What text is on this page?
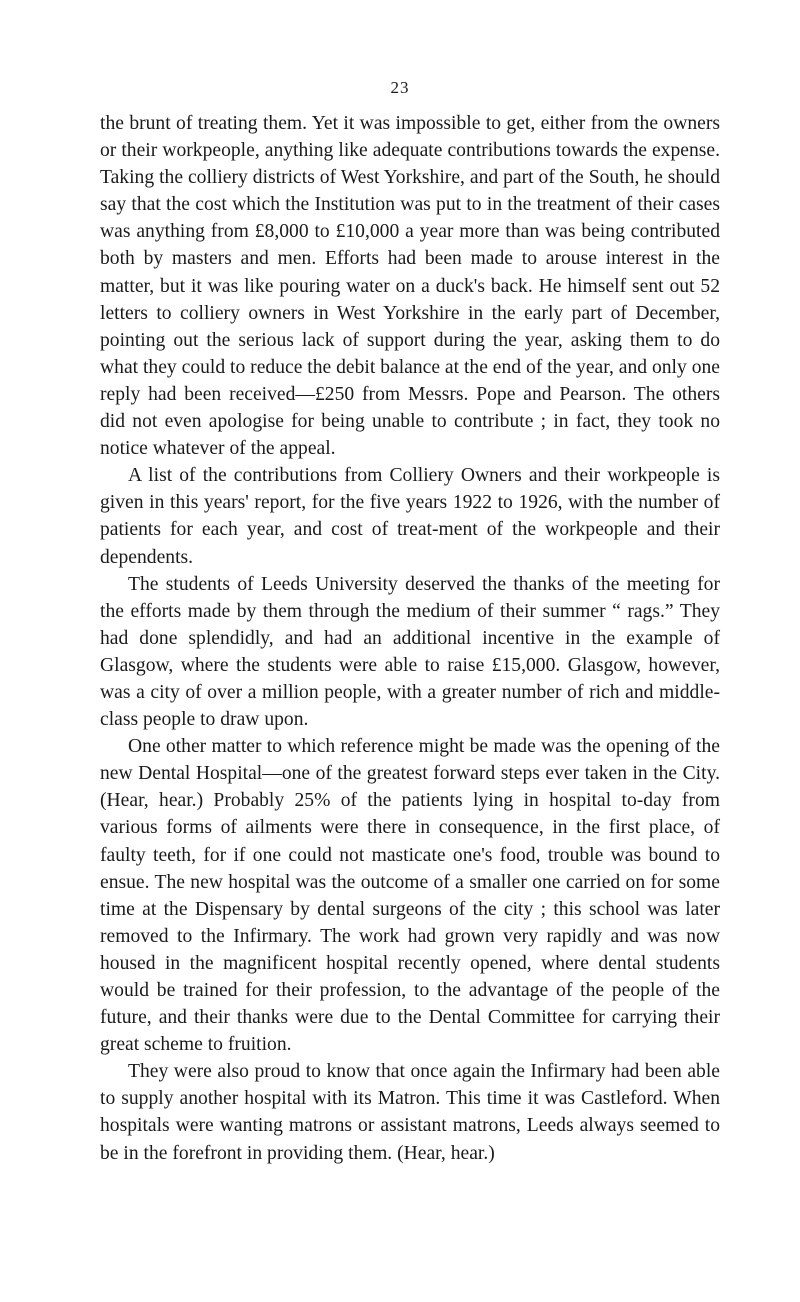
23

the brunt of treating them. Yet it was impossible to get, either from the owners or their workpeople, anything like adequate contributions towards the expense. Taking the colliery districts of West Yorkshire, and part of the South, he should say that the cost which the Institution was put to in the treatment of their cases was anything from £8,000 to £10,000 a year more than was being contributed both by masters and men. Efforts had been made to arouse interest in the matter, but it was like pouring water on a duck's back. He himself sent out 52 letters to colliery owners in West Yorkshire in the early part of December, pointing out the serious lack of support during the year, asking them to do what they could to reduce the debit balance at the end of the year, and only one reply had been received—£250 from Messrs. Pope and Pearson. The others did not even apologise for being unable to contribute ; in fact, they took no notice whatever of the appeal.

A list of the contributions from Colliery Owners and their workpeople is given in this years' report, for the five years 1922 to 1926, with the number of patients for each year, and cost of treat-ment of the workpeople and their dependents.

The students of Leeds University deserved the thanks of the meeting for the efforts made by them through the medium of their summer “ rags.” They had done splendidly, and had an additional incentive in the example of Glasgow, where the students were able to raise £15,000. Glasgow, however, was a city of over a million people, with a greater number of rich and middle-class people to draw upon.

One other matter to which reference might be made was the opening of the new Dental Hospital—one of the greatest forward steps ever taken in the City. (Hear, hear.) Probably 25% of the patients lying in hospital to-day from various forms of ailments were there in consequence, in the first place, of faulty teeth, for if one could not masticate one's food, trouble was bound to ensue. The new hospital was the outcome of a smaller one carried on for some time at the Dispensary by dental surgeons of the city ; this school was later removed to the Infirmary. The work had grown very rapidly and was now housed in the magnificent hospital recently opened, where dental students would be trained for their profession, to the advantage of the people of the future, and their thanks were due to the Dental Committee for carrying their great scheme to fruition.

They were also proud to know that once again the Infirmary had been able to supply another hospital with its Matron. This time it was Castleford. When hospitals were wanting matrons or assistant matrons, Leeds always seemed to be in the forefront in providing them. (Hear, hear.)
